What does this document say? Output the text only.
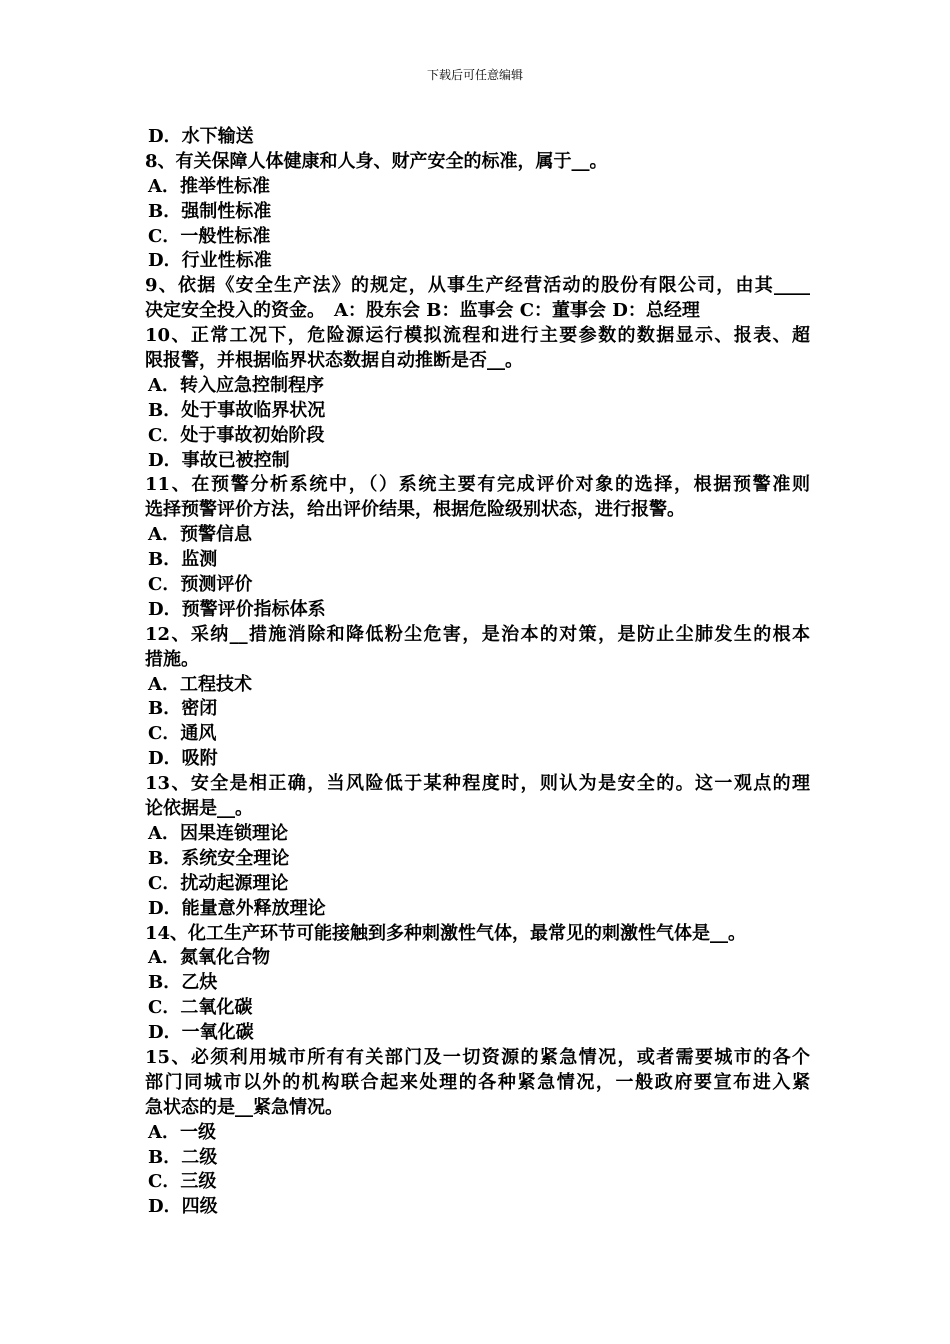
下载后可任意编辑
D．水下输送
8、有关保障人体健康和人身、财产安全的标准，属于__。
A．推举性标准
B．强制性标准
C．一般性标准
D．行业性标准
9、依据《安全生产法》的规定，从事生产经营活动的股份有限公司，由其____
决定安全投入的资金。　A：股东会 B：监事会 C：董事会 D：总经理
10、正常工况下，危险源运行模拟流程和进行主要参数的数据显示、报表、超
限报警，并根据临界状态数据自动推断是否__。
A．转入应急控制程序
B．处于事故临界状况
C．处于事故初始阶段
D．事故已被控制
11、在预警分析系统中，（）系统主要有完成评价对象的选择，根据预警准则
选择预警评价方法，给出评价结果，根据危险级别状态，进行报警。
A．预警信息
B．监测
C．预测评价
D．预警评价指标体系
12、采纳__措施消除和降低粉尘危害，是治本的对策，是防止尘肺发生的根本
措施。
A．工程技术
B．密闭
C．通风
D．吸附
13、安全是相正确，当风险低于某种程度时，则认为是安全的。这一观点的理
论依据是__。
A．因果连锁理论
B．系统安全理论
C．扰动起源理论
D．能量意外释放理论
14、化工生产环节可能接触到多种刺激性气体，最常见的刺激性气体是__。
A．氮氧化合物
B．乙炔
C．二氧化碳
D．一氧化碳
15、必须利用城市所有有关部门及一切资源的紧急情况，或者需要城市的各个
部门同城市以外的机构联合起来处理的各种紧急情况，一般政府要宣布进入紧
急状态的是__紧急情况。
A．一级
B．二级
C．三级
D．四级
